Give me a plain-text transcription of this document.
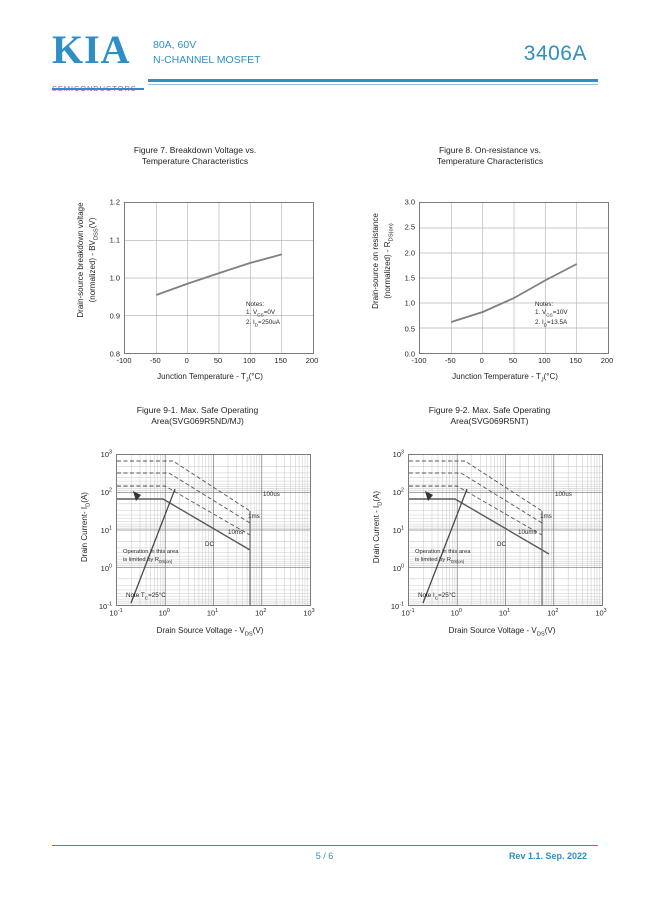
KIA	80A, 60V
N-CHANNEL MOSFET	3406A
Figure 7. Breakdown Voltage vs.
Temperature Characteristics
Drain-source breakdown voltage (normalized) - $BV_{DSS}(V)$
1.2
1.1
1.0
0.9
0.8
Notes:
1. $V_{GS}=0V$
2. $I_D=250uA$
-100 -50	0	50	100	150	200
Junction Temperature - $T_J(^\circ C)$
Figure 8. On-resistance vs.
Temperature Characteristics
Drain-source on resistance (normalized) - $R_{DS(on)}$
3.0
2.5
2.0
1.5
1.0
0.5
0.0
Notes:
1. $V_{GS}=10V$
2. $I_D=13.5A$
-100 -50	0	50	100	150	200
Junction Temperature - $T_J(^\circ C)$
Figure 9-1. Max. Safe Operating
Area(SVG069R5ND/MJ)
Drain Current- $I_D(A)$
$10^3$
$10^2$
$10^1$
$10^0$
$10^{-1}$
100us
1ms
10ms
DC
Operation in this area
is limited by $R_{DS(on)}$
Note $T_C=25^\circ C$
$10^{-1}$	$10^0$	$10^1$	$10^2$	$10^3$
Drain Source Voltage - $V_{DS}(V)$
Figure 9-2. Max. Safe Operating
Area(SVG069R5NT)
Drain Current - $I_D(A)$
$10^3$
$10^2$
$10^1$
$10^0$
$10^{-1}$
100us
1ms
10ums
DC
Operation in this area
is limited by $R_{DS(on)}$
Note $I_C=25^\circ C$
$10^{-1}$	$10^0$	$10^1$	$10^2$	$10^3$
Drain Source Voltage - $V_{DS}(V)$
5 / 6	Rev 1.1. Sep. 2022
